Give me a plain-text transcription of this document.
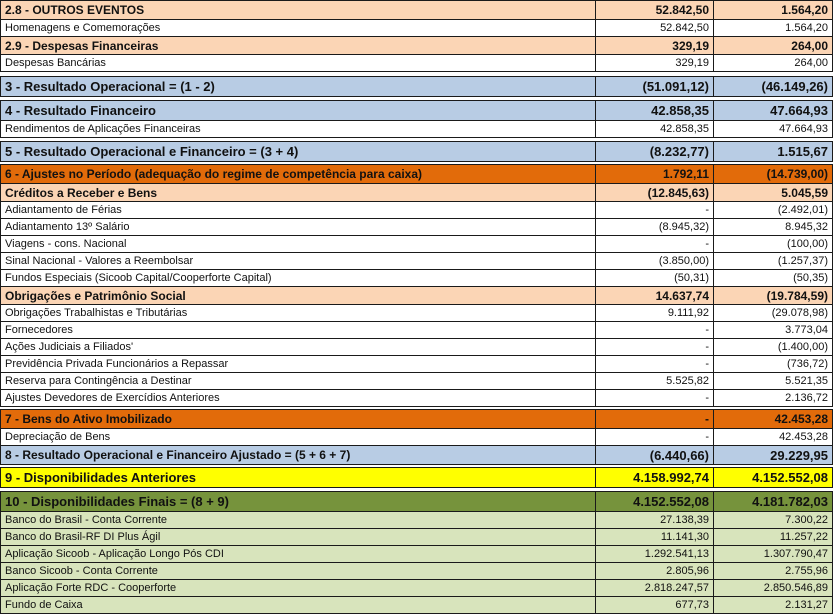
2.8 - OUTROS EVENTOS	52.842,50	1.564,20
Homenagens e Comemorações	52.842,50	1.564,20
2.9 - Despesas Financeiras	329,19	264,00
Despesas Bancárias	329,19	264,00

3 - Resultado Operacional = (1 - 2)	(51.091,12)	(46.149,26)

4 - Resultado Financeiro	42.858,35	47.664,93
Rendimentos de Aplicações Financeiras	42.858,35	47.664,93

5 - Resultado Operacional e Financeiro = (3 + 4)	(8.232,77)	1.515,67

6 - Ajustes no Período (adequação do regime de competência para caixa)	1.792,11	(14.739,00)
Créditos a Receber e Bens	(12.845,63)	5.045,59
Adiantamento de Férias	-	(2.492,01)
Adiantamento 13º Salário	(8.945,32)	8.945,32
Viagens - cons. Nacional	-	(100,00)
Sinal Nacional - Valores a Reembolsar	(3.850,00)	(1.257,37)
Fundos Especiais (Sicoob Capital/Cooperforte Capital)	(50,31)	(50,35)
Obrigações e Patrimônio Social	14.637,74	(19.784,59)
Obrigações Trabalhistas e Tributárias	9.111,92	(29.078,98)
Fornecedores	-	3.773,04
Ações Judiciais a Filiados'	-	(1.400,00)
Previdência Privada Funcionários a Repassar	-	(736,72)
Reserva para Contingência a Destinar	5.525,82	5.521,35
Ajustes Devedores de Exercídios Anteriores	-	2.136,72

7 - Bens do Ativo Imobilizado	-	42.453,28
Depreciação de Bens	-	42.453,28
8 - Resultado Operacional e Financeiro Ajustado = (5 + 6 + 7)	(6.440,66)	29.229,95

9 - Disponibilidades Anteriores	4.158.992,74	4.152.552,08

10 - Disponibilidades Finais = (8 + 9)	4.152.552,08	4.181.782,03
Banco do Brasil - Conta Corrente	27.138,39	7.300,22
Banco do Brasil-RF DI Plus Ágil	11.141,30	11.257,22
Aplicação Sicoob - Aplicação Longo Pós CDI	1.292.541,13	1.307.790,47
Banco Sicoob - Conta Corrente	2.805,96	2.755,96
Aplicação Forte RDC - Cooperforte	2.818.247,57	2.850.546,89
Fundo de Caixa	677,73	2.131,27
